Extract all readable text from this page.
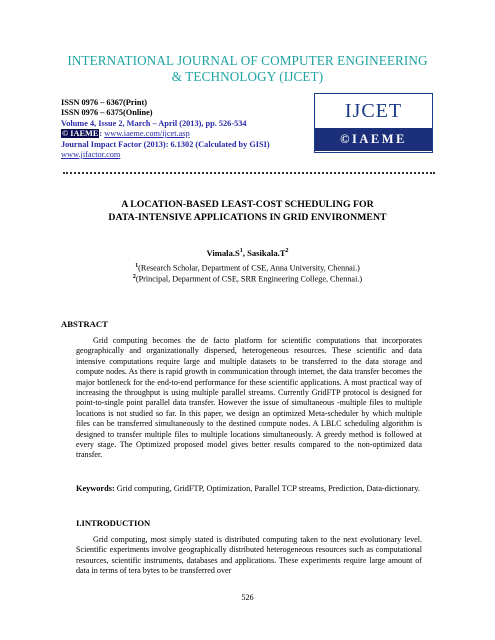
INTERNATIONAL JOURNAL OF COMPUTER ENGINEERING
& TECHNOLOGY (IJCET)
ISSN 0976 – 6367(Print)
ISSN 0976 – 6375(Online)
Volume 4, Issue 2, March – April (2013), pp. 526-534
© IAEME: www.iaeme.com/ijcet.asp
Journal Impact Factor (2013): 6.1302 (Calculated by GISI)
www.jifactor.com
IJCET
©IAEME
A LOCATION-BASED LEAST-COST SCHEDULING FOR
DATA-INTENSIVE APPLICATIONS IN GRID ENVIRONMENT
$Vimala.S^1$, $Sasikala.T^2$
$^1$(Research Scholar, Department of CSE, Anna University, Chennai.)
$^2$(Principal, Department of CSE, SRR Engineering College, Chennai.)
ABSTRACT

Grid computing becomes the de facto platform for scientific computations that incorporates geographically and organizationally dispersed, heterogeneous resources. These scientific and data intensive computations require large and multiple datasets to be transferred to the data storage and compute nodes. As there is rapid growth in communication through internet, the data transfer becomes the major bottleneck for the end-to-end performance for these scientific applications. A most practical way of increasing the throughput is using multiple parallel streams. Currently GridFTP protocol is designed for point-to-single point parallel data transfer. However the issue of simultaneous -multiple files to multiple locations is not studied so far. In this paper, we design an optimized Meta-scheduler by which multiple files can be transferred simultaneously to the destined compute nodes. A LBLC scheduling algorithm is designed to transfer multiple files to multiple locations simultaneously. A greedy method is followed at every stage. The Optimized proposed model gives better results compared to the non-optimized data transfer.

Keywords: Grid computing, GridFTP, Optimization, Parallel TCP streams, Prediction, Data-dictionary.

I.INTRODUCTION

Grid computing, most simply stated is distributed computing taken to the next evolutionary level. Scientific experiments involve geographically distributed heterogeneous resources such as computational resources, scientific instruments, databases and applications. These experiments require large amount of data in terms of tera bytes to be transferred over

526
